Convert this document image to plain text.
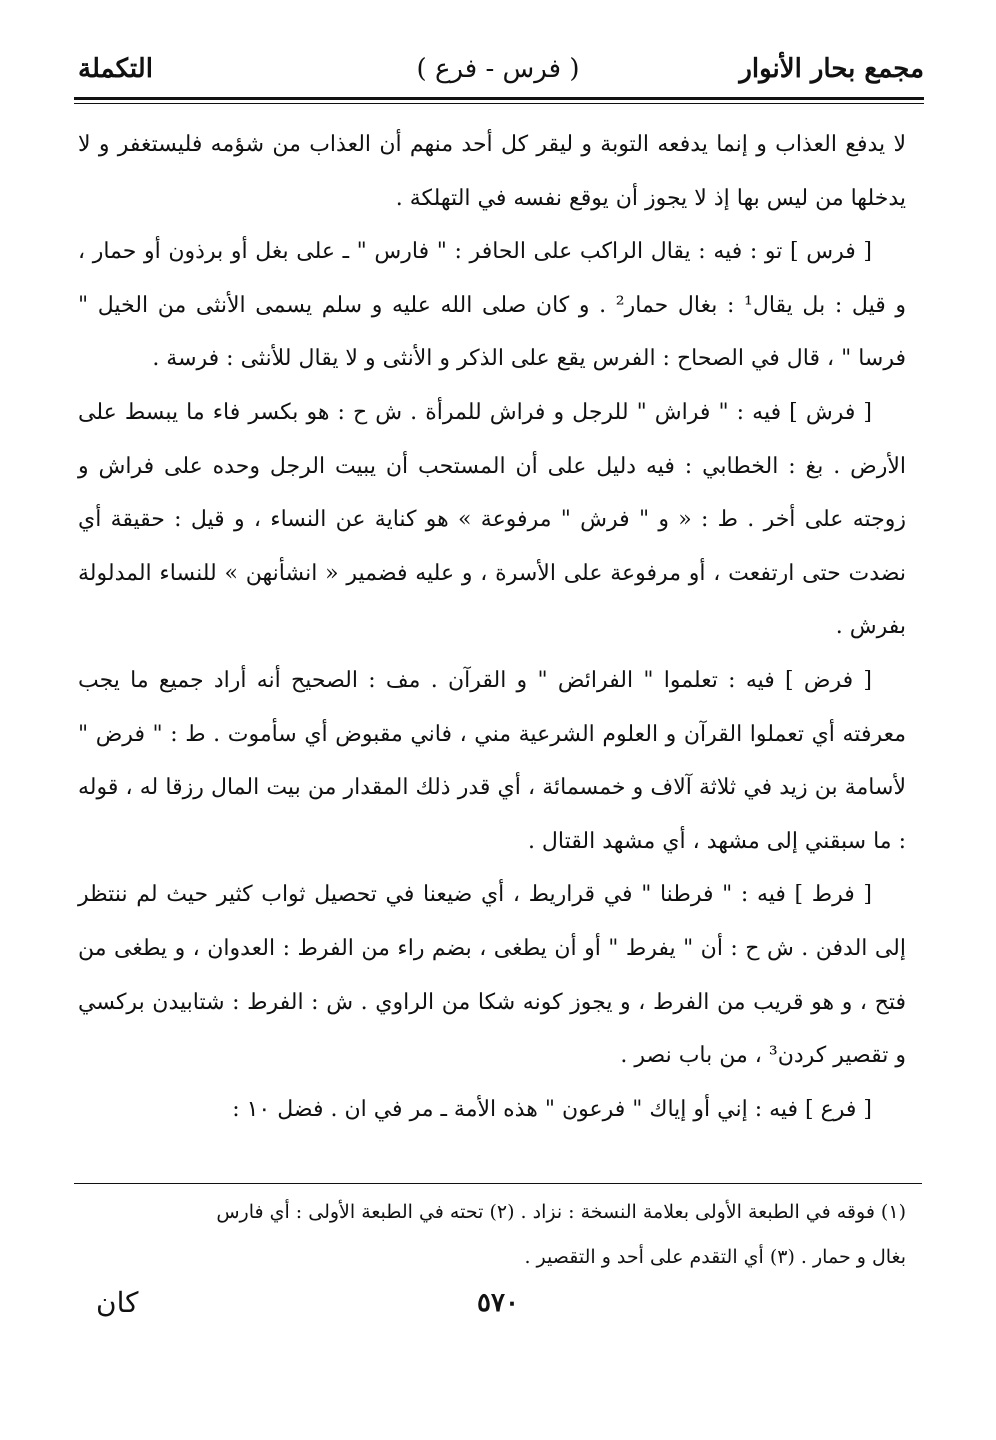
مجمع بحار الأنوار
( فرس - فرع )
التكملة

لا يدفع العذاب و إنما يدفعه التوبة و ليقر كل أحد منهم أن العذاب من شؤمه فليستغفر و لا يدخلها من ليس بها إذ لا يجوز أن يوقع نفسه في التهلكة .

[ فرس ] تو : فيه : يقال الراكب على الحافر : " فارس " ـ على بغل أو برذون أو حمار ، و قيل : بل يقال¹ : بغال حمار² . و كان صلى الله عليه و سلم يسمى الأنثى من الخيل " فرسا " ، قال في الصحاح : الفرس يقع على الذكر و الأنثى و لا يقال للأنثى : فرسة .

[ فرش ] فيه : " فراش " للرجل و فراش للمرأة . ش ح : هو بكسر فاء ما يبسط على الأرض . بغ : الخطابي : فيه دليل على أن المستحب أن يبيت الرجل وحده على فراش و زوجته على أخر . ط : « و " فرش " مرفوعة » هو كناية عن النساء ، و قيل : حقيقة أي نضدت حتى ارتفعت ، أو مرفوعة على الأسرة ، و عليه فضمير « انشأنهن » للنساء المدلولة بفرش .

[ فرض ] فيه : تعلموا " الفرائض " و القرآن . مف : الصحيح أنه أراد جميع ما يجب معرفته أي تعملوا القرآن و العلوم الشرعية مني ، فاني مقبوض أي سأموت . ط : " فرض " لأسامة بن زيد في ثلاثة آلاف و خمسمائة ، أي قدر ذلك المقدار من بيت المال رزقا له ، قوله : ما سبقني إلى مشهد ، أي مشهد القتال .

[ فرط ] فيه : " فرطنا " في قراريط ، أي ضيعنا في تحصيل ثواب كثير حيث لم ننتظر إلى الدفن . ش ح : أن " يفرط " أو أن يطغى ، بضم راء من الفرط : العدوان ، و يطغى من فتح ، و هو قريب من الفرط ، و يجوز كونه شكا من الراوي . ش : الفرط : شتابيدن بركسي و تقصير كردن³ ، من باب نصر .

[ فرع ] فيه : إني أو إياك " فرعون " هذه الأمة ـ مر في ان . فضل ١٠ :

(١) فوقه في الطبعة الأولى بعلامة النسخة : نزاد . (٢) تحته في الطبعة الأولى : أي فارس

بغال و حمار . (٣) أي التقدم على أحد و التقصير .

٥٧٠
كان
